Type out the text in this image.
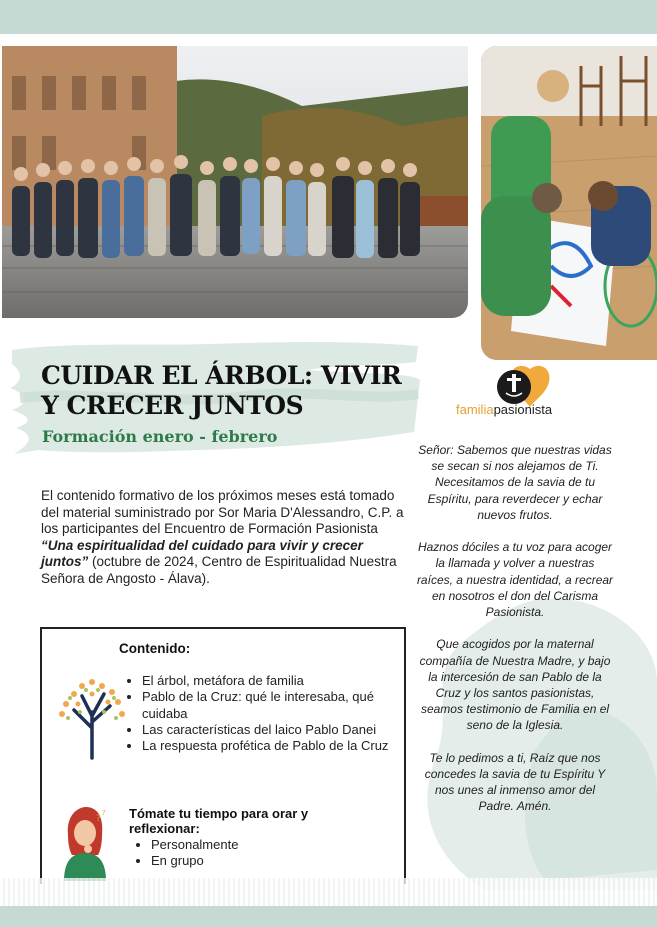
CUIDAR EL ÁRBOL: VIVIR Y CRECER JUNTOS
Formación enero - febrero

El contenido formativo de los próximos meses está tomado del material suministrado por Sor Maria D'Alessandro, C.P. a los participantes del Encuentro de Formación Pasionista “Una espiritualidad del cuidado para vivir y crecer juntos” (octubre de 2024, Centro de Espiritualidad Nuestra Señora de Angosto - Álava).

familiapasionista

Señor: Sabemos que nuestras vidas se secan si nos alejamos de Ti. Necesitamos de la savia de tu Espíritu, para reverdecer y echar nuevos frutos.

Haznos dóciles a tu voz para acoger la llamada y volver a nuestras raíces, a nuestra identidad, a recrear en nosotros el don del Carisma Pasionista.

Que acogidos por la maternal compañía de Nuestra Madre, y bajo la intercesión de san Pablo de la Cruz y los santos pasionistas, seamos testimonio de Familia en el seno de la Iglesia.

Te lo pedimos a ti, Raíz que nos concedes la savia de tu Espíritu Y nos unes al inmenso amor del Padre. Amén.

Contenido:
• El árbol, metáfora de familia
• Pablo de la Cruz: qué le interesaba, qué cuidaba
• Las características del laico Pablo Danei
• La respuesta profética de Pablo de la Cruz
?
? Tómate tu tiempo para orar y reflexionar:

• Personalmente
• En grupo
